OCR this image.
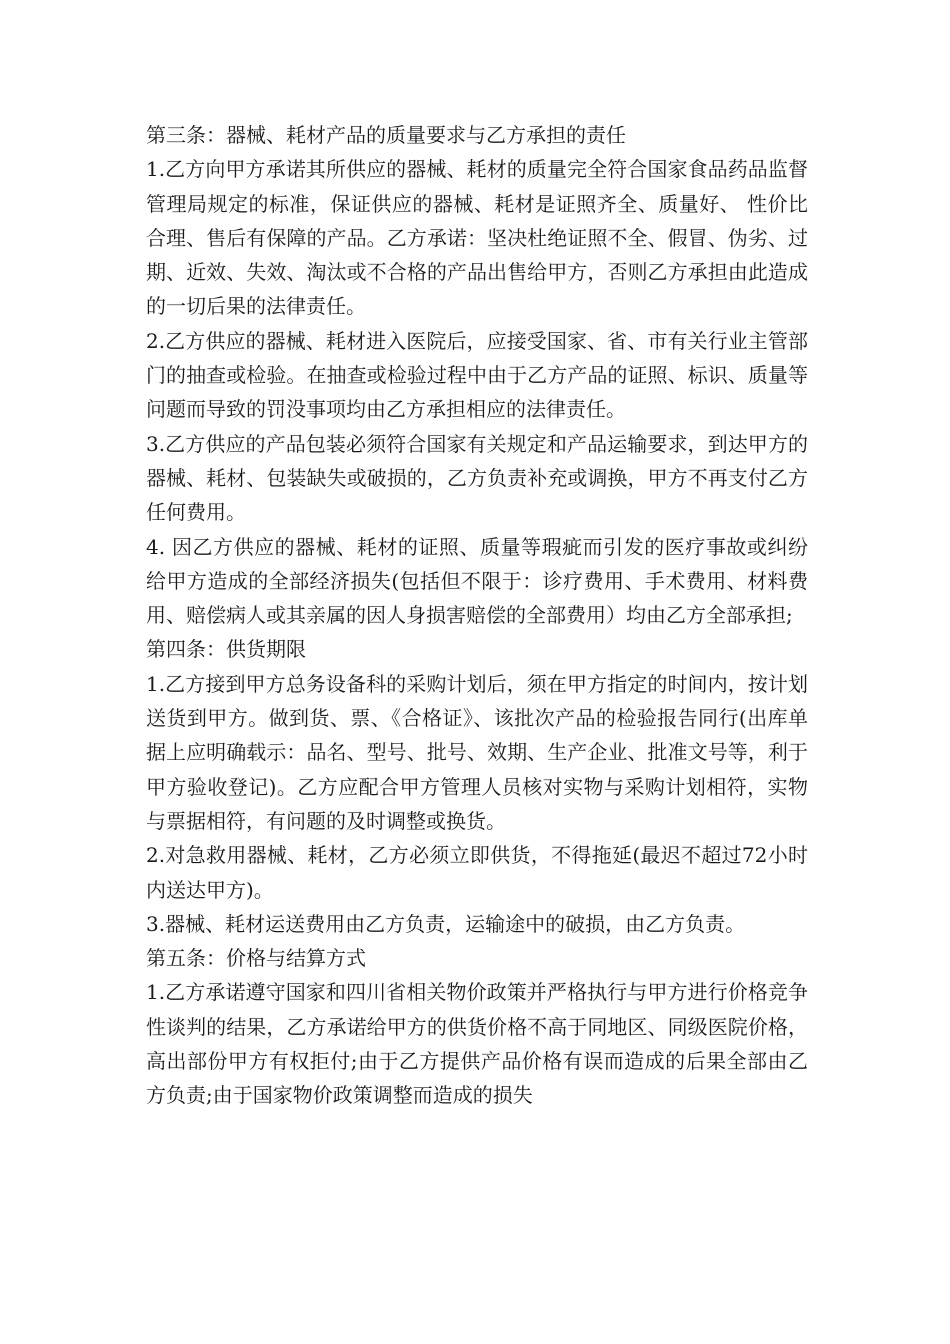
第三条：器械、耗材产品的质量要求与乙方承担的责任

1.乙方向甲方承诺其所供应的器械、耗材的质量完全符合国家食品药品监督管理局规定的标准，保证供应的器械、耗材是证照齐全、质量好、 性价比合理、售后有保障的产品。乙方承诺：坚决杜绝证照不全、假冒、伪劣、过期、近效、失效、淘汰或不合格的产品出售给甲方，否则乙方承担由此造成的一切后果的法律责任。

2.乙方供应的器械、耗材进入医院后，应接受国家、省、市有关行业主管部门的抽查或检验。在抽查或检验过程中由于乙方产品的证照、标识、质量等问题而导致的罚没事项均由乙方承担相应的法律责任。

3.乙方供应的产品包装必须符合国家有关规定和产品运输要求，到达甲方的器械、耗材、包装缺失或破损的，乙方负责补充或调换，甲方不再支付乙方任何费用。

4. 因乙方供应的器械、耗材的证照、质量等瑕疵而引发的医疗事故或纠纷给甲方造成的全部经济损失(包括但不限于：诊疗费用、手术费用、材料费用、赔偿病人或其亲属的因人身损害赔偿的全部费用）均由乙方全部承担;

第四条：供货期限

1.乙方接到甲方总务设备科的采购计划后，须在甲方指定的时间内，按计划送货到甲方。做到货、票、《合格证》、该批次产品的检验报告同行(出库单据上应明确载示：品名、型号、批号、效期、生产企业、批准文号等，利于甲方验收登记)。乙方应配合甲方管理人员核对实物与采购计划相符，实物与票据相符，有问题的及时调整或换货。

2.对急救用器械、耗材，乙方必须立即供货，不得拖延(最迟不超过72小时内送达甲方)。

3.器械、耗材运送费用由乙方负责，运输途中的破损，由乙方负责。

第五条：价格与结算方式

1.乙方承诺遵守国家和四川省相关物价政策并严格执行与甲方进行价格竞争性谈判的结果，乙方承诺给甲方的供货价格不高于同地区、同级医院价格，高出部份甲方有权拒付;由于乙方提供产品价格有误而造成的后果全部由乙方负责;由于国家物价政策调整而造成的损失
